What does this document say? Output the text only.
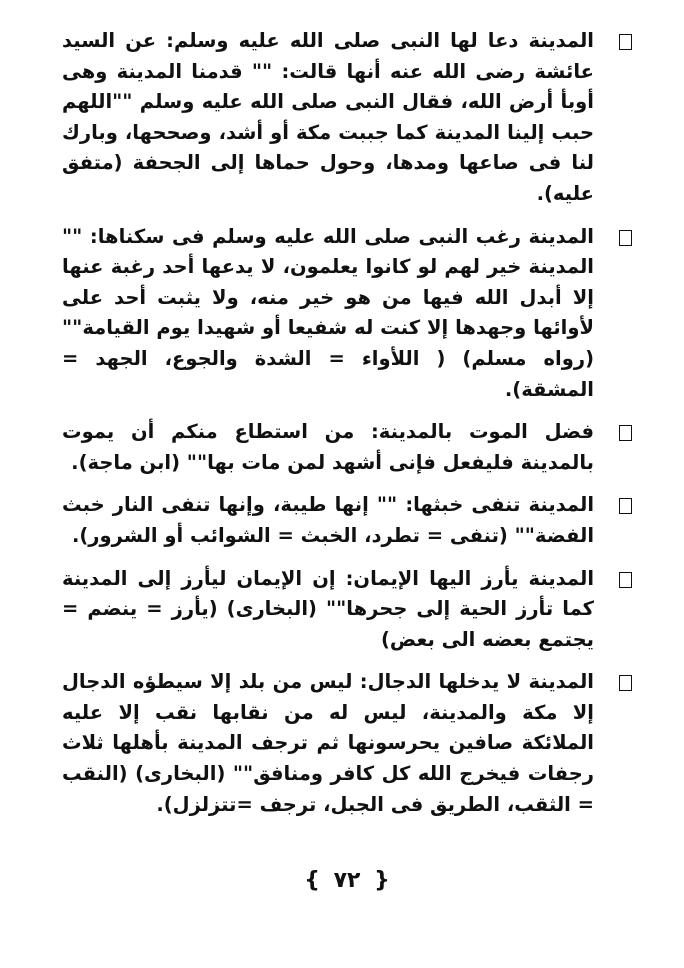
المدينة دعا لها النبى صلى الله عليه وسلم: عن السيد عائشة رضى الله عنه أنها قالت: "" قدمنا المدينة وهى أوبأ أرض الله، فقال النبى صلى الله عليه وسلم ""اللهم حبب إلينا المدينة كما جببت مكة أو أشد، وصححها، وبارك لنا فى صاعها ومدها، وحول حماها إلى الجحفة (متفق عليه).
المدينة رغب النبى صلى الله عليه وسلم فى سكناها: "" المدينة خير لهم لو كانوا يعلمون، لا يدعها أحد رغبة عنها إلا أبدل الله فيها من هو خير منه، ولا يثبت أحد على لأوائها وجهدها إلا كنت له شفيعا أو شهيدا يوم القيامة"" (رواه مسلم) ( اللأواء = الشدة والجوع، الجهد = المشقة).
فضل الموت بالمدينة: من استطاع منكم أن يموت بالمدينة فليفعل فإنى أشهد لمن مات بها"" (ابن ماجة).
المدينة تنفى خبثها: "" إنها طيبة، وإنها تنفى النار خبث الفضة"" (تنفى = تطرد، الخبث = الشوائب أو الشرور).
المدينة يأرز اليها الإيمان: إن الإيمان ليأرز إلى المدينة كما تأرز الحية إلى جحرها"" (البخارى) (يأرز = ينضم = يجتمع بعضه الى بعض)
المدينة لا يدخلها الدجال: ليس من بلد إلا سيطؤه الدجال إلا مكة والمدينة، ليس له من نقابها نقب إلا عليه الملائكة صافين يحرسونها ثم ترجف المدينة بأهلها ثلاث رجفات فيخرج الله كل كافر ومنافق"" (البخارى) (النقب = الثقب، الطريق فى الجبل، ترجف =تتزلزل).
{ ٧٢ }
